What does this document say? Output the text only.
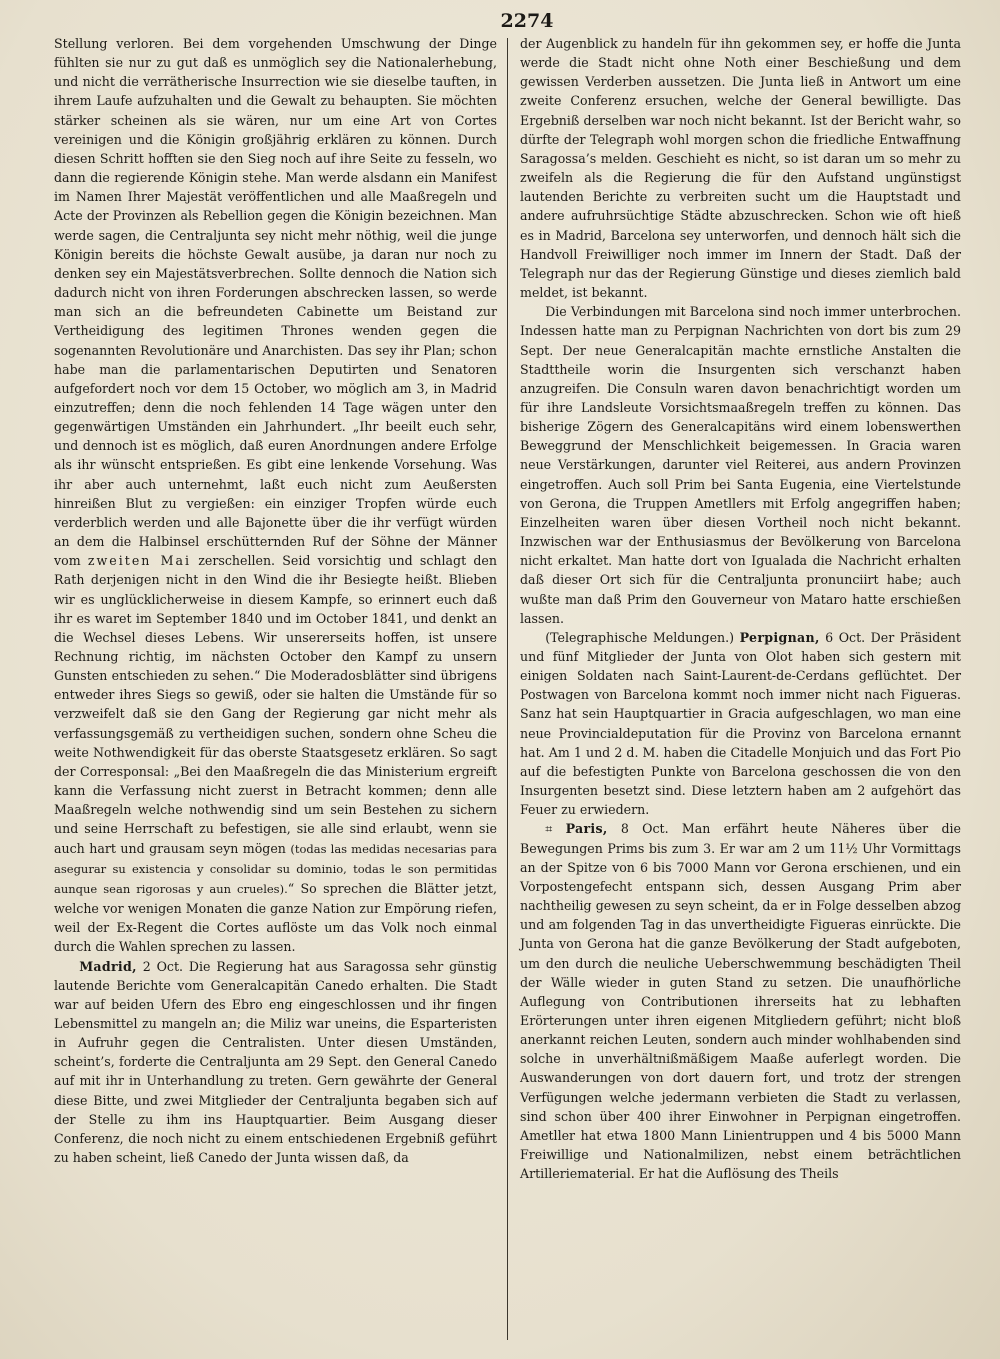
2274

Stellung verloren. Bei dem vorgehenden Umschwung der Dinge fühlten sie nur zu gut daß es unmöglich sey die Nationalerhebung, und nicht die verrätherische Insurrection wie sie dieselbe tauften, in ihrem Laufe aufzuhalten und die Gewalt zu behaupten. Sie möchten stärker scheinen als sie wären, nur um eine Art von Cortes vereinigen und die Königin großjährig erklären zu können. Durch diesen Schritt hofften sie den Sieg noch auf ihre Seite zu fesseln, wo dann die regierende Königin stehe. Man werde alsdann ein Manifest im Namen Ihrer Majestät veröffentlichen und alle Maaßregeln und Acte der Provinzen als Rebellion gegen die Königin bezeichnen. Man werde sagen, die Centraljunta sey nicht mehr nöthig, weil die junge Königin bereits die höchste Gewalt ausübe, ja daran nur noch zu denken sey ein Majestätsverbrechen. Sollte dennoch die Nation sich dadurch nicht von ihren Forderungen abschrecken lassen, so werde man sich an die befreundeten Cabinette um Beistand zur Vertheidigung des legitimen Thrones wenden gegen die sogenannten Revolutionäre und Anarchisten. Das sey ihr Plan; schon habe man die parlamentarischen Deputirten und Senatoren aufgefordert noch vor dem 15 October, wo möglich am 3, in Madrid einzutreffen; denn die noch fehlenden 14 Tage wägen unter den gegenwärtigen Umständen ein Jahrhundert. „Ihr beeilt euch sehr, und dennoch ist es möglich, daß euren Anordnungen andere Erfolge als ihr wünscht entsprießen. Es gibt eine lenkende Vorsehung. Was ihr aber auch unternehmt, laßt euch nicht zum Aeußersten hinreißen Blut zu vergießen: ein einziger Tropfen würde euch verderblich werden und alle Bajonette über die ihr verfügt würden an dem die Halbinsel erschütternden Ruf der Söhne der Männer vom zweiten Mai zerschellen. Seid vorsichtig und schlagt den Rath derjenigen nicht in den Wind die ihr Besiegte heißt. Blieben wir es unglücklicherweise in diesem Kampfe, so erinnert euch daß ihr es waret im September 1840 und im October 1841, und denkt an die Wechsel dieses Lebens. Wir unsererseits hoffen, ist unsere Rechnung richtig, im nächsten October den Kampf zu unsern Gunsten entschieden zu sehen.“ Die Moderadosblätter sind übrigens entweder ihres Siegs so gewiß, oder sie halten die Umstände für so verzweifelt daß sie den Gang der Regierung gar nicht mehr als verfassungsgemäß zu vertheidigen suchen, sondern ohne Scheu die weite Nothwendigkeit für das oberste Staatsgesetz erklären. So sagt der Corresponsal: „Bei den Maaßregeln die das Ministerium ergreift kann die Verfassung nicht zuerst in Betracht kommen; denn alle Maaßregeln welche nothwendig sind um sein Bestehen zu sichern und seine Herrschaft zu befestigen, sie alle sind erlaubt, wenn sie auch hart und grausam seyn mögen (todas las medidas necesarias para asegurar su existencia y consolidar su dominio, todas le son permitidas aunque sean rigorosas y aun crueles).“ So sprechen die Blätter jetzt, welche vor wenigen Monaten die ganze Nation zur Empörung riefen, weil der Ex-Regent die Cortes auflöste um das Volk noch einmal durch die Wahlen sprechen zu lassen.

Madrid, 2 Oct. Die Regierung hat aus Saragossa sehr günstig lautende Berichte vom Generalcapitän Canedo erhalten. Die Stadt war auf beiden Ufern des Ebro eng eingeschlossen und ihr fingen Lebensmittel zu mangeln an; die Miliz war uneins, die Esparteristen in Aufruhr gegen die Centralisten. Unter diesen Umständen, scheint’s, forderte die Centraljunta am 29 Sept. den General Canedo auf mit ihr in Unterhandlung zu treten. Gern gewährte der General diese Bitte, und zwei Mitglieder der Centraljunta begaben sich auf der Stelle zu ihm ins Hauptquartier. Beim Ausgang dieser Conferenz, die noch nicht zu einem entschiedenen Ergebniß geführt zu haben scheint, ließ Canedo der Junta wissen daß, da

der Augenblick zu handeln für ihn gekommen sey, er hoffe die Junta werde die Stadt nicht ohne Noth einer Beschießung und dem gewissen Verderben aussetzen. Die Junta ließ in Antwort um eine zweite Conferenz ersuchen, welche der General bewilligte. Das Ergebniß derselben war noch nicht bekannt. Ist der Bericht wahr, so dürfte der Telegraph wohl morgen schon die friedliche Entwaffnung Saragossa’s melden. Geschieht es nicht, so ist daran um so mehr zu zweifeln als die Regierung die für den Aufstand ungünstigst lautenden Berichte zu verbreiten sucht um die Hauptstadt und andere aufruhrsüchtige Städte abzuschrecken. Schon wie oft hieß es in Madrid, Barcelona sey unterworfen, und dennoch hält sich die Handvoll Freiwilliger noch immer im Innern der Stadt. Daß der Telegraph nur das der Regierung Günstige und dieses ziemlich bald meldet, ist bekannt.

Die Verbindungen mit Barcelona sind noch immer unterbrochen. Indessen hatte man zu Perpignan Nachrichten von dort bis zum 29 Sept. Der neue Generalcapitän machte ernstliche Anstalten die Stadttheile worin die Insurgenten sich verschanzt haben anzugreifen. Die Consuln waren davon benachrichtigt worden um für ihre Landsleute Vorsichtsmaaßregeln treffen zu können. Das bisherige Zögern des Generalcapitäns wird einem lobenswerthen Beweggrund der Menschlichkeit beigemessen. In Gracia waren neue Verstärkungen, darunter viel Reiterei, aus andern Provinzen eingetroffen. Auch soll Prim bei Santa Eugenia, eine Viertelstunde von Gerona, die Truppen Ametllers mit Erfolg angegriffen haben; Einzelheiten waren über diesen Vortheil noch nicht bekannt. Inzwischen war der Enthusiasmus der Bevölkerung von Barcelona nicht erkaltet. Man hatte dort von Igualada die Nachricht erhalten daß dieser Ort sich für die Centraljunta pronunciirt habe; auch wußte man daß Prim den Gouverneur von Mataro hatte erschießen lassen.

(Telegraphische Meldungen.) Perpignan, 6 Oct. Der Präsident und fünf Mitglieder der Junta von Olot haben sich gestern mit einigen Soldaten nach Saint-Laurent-de-Cerdans geflüchtet. Der Postwagen von Barcelona kommt noch immer nicht nach Figueras. Sanz hat sein Hauptquartier in Gracia aufgeschlagen, wo man eine neue Provincialdeputation für die Provinz von Barcelona ernannt hat. Am 1 und 2 d. M. haben die Citadelle Monjuich und das Fort Pio auf die befestigten Punkte von Barcelona geschossen die von den Insurgenten besetzt sind. Diese letztern haben am 2 aufgehört das Feuer zu erwiedern.

⌗ Paris, 8 Oct. Man erfährt heute Näheres über die Bewegungen Prims bis zum 3. Er war am 2 um 11½ Uhr Vormittags an der Spitze von 6 bis 7000 Mann vor Gerona erschienen, und ein Vorpostengefecht entspann sich, dessen Ausgang Prim aber nachtheilig gewesen zu seyn scheint, da er in Folge desselben abzog und am folgenden Tag in das unvertheidigte Figueras einrückte. Die Junta von Gerona hat die ganze Bevölkerung der Stadt aufgeboten, um den durch die neuliche Ueberschwemmung beschädigten Theil der Wälle wieder in guten Stand zu setzen. Die unaufhörliche Auflegung von Contributionen ihrerseits hat zu lebhaften Erörterungen unter ihren eigenen Mitgliedern geführt; nicht bloß anerkannt reichen Leuten, sondern auch minder wohlhabenden sind solche in unverhältnißmäßigem Maaße auferlegt worden. Die Auswanderungen von dort dauern fort, und trotz der strengen Verfügungen welche jedermann verbieten die Stadt zu verlassen, sind schon über 400 ihrer Einwohner in Perpignan eingetroffen. Ametller hat etwa 1800 Mann Linientruppen und 4 bis 5000 Mann Freiwillige und Nationalmilizen, nebst einem beträchtlichen Artilleriematerial. Er hat die Auflösung des Theils
